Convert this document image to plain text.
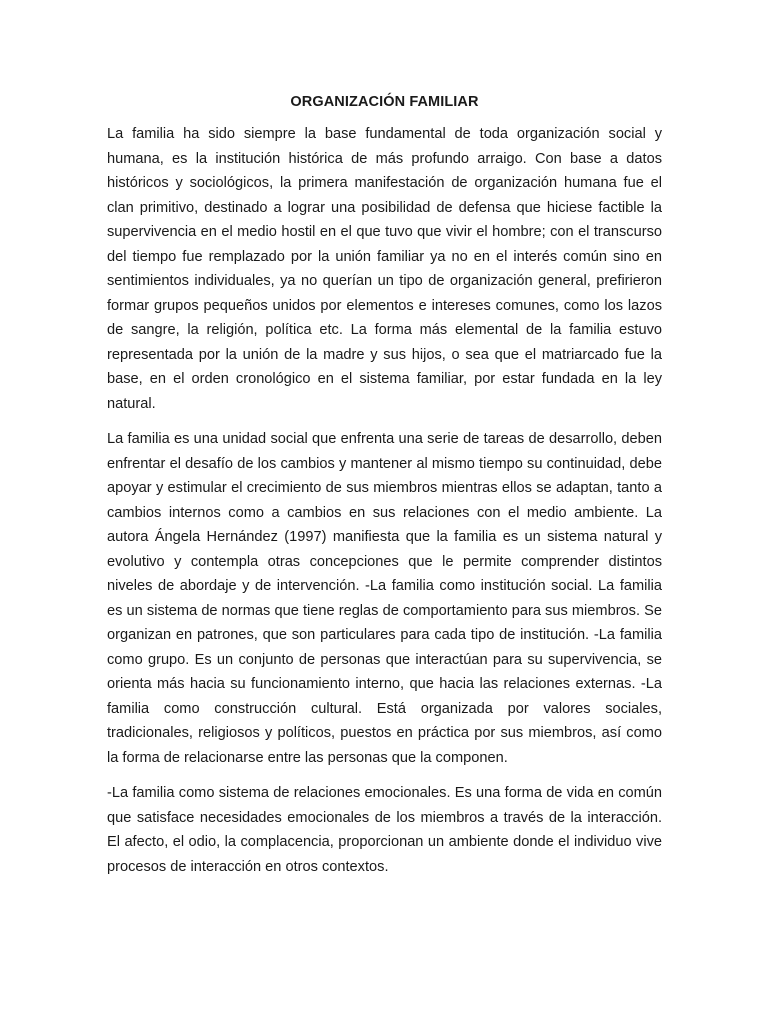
ORGANIZACIÓN FAMILIAR

La familia ha sido siempre la base fundamental de toda organización social y humana, es la institución histórica de más profundo arraigo. Con base a datos históricos y sociológicos, la primera manifestación de organización humana fue el clan primitivo, destinado a lograr una posibilidad de defensa que hiciese factible la supervivencia en el medio hostil en el que tuvo que vivir el hombre; con el transcurso del tiempo fue remplazado por la unión familiar ya no en el interés común sino en sentimientos individuales, ya no querían un tipo de organización general, prefirieron formar grupos pequeños unidos por elementos e intereses comunes, como los lazos de sangre, la religión, política etc. La forma más elemental de la familia estuvo representada por la unión de la madre y sus hijos, o sea que el matriarcado fue la base, en el orden cronológico en el sistema familiar, por estar fundada en la ley natural.

La familia es una unidad social que enfrenta una serie de tareas de desarrollo, deben enfrentar el desafío de los cambios y mantener al mismo tiempo su continuidad, debe apoyar y estimular el crecimiento de sus miembros mientras ellos se adaptan, tanto a cambios internos como a cambios en sus relaciones con el medio ambiente. La autora Ángela Hernández (1997) manifiesta que la familia es un sistema natural y evolutivo y contempla otras concepciones que le permite comprender distintos niveles de abordaje y de intervención. -La familia como institución social. La familia es un sistema de normas que tiene reglas de comportamiento para sus miembros. Se organizan en patrones, que son particulares para cada tipo de institución. -La familia como grupo. Es un conjunto de personas que interactúan para su supervivencia, se orienta más hacia su funcionamiento interno, que hacia las relaciones externas. -La familia como construcción cultural. Está organizada por valores sociales, tradicionales, religiosos y políticos, puestos en práctica por sus miembros, así como la forma de relacionarse entre las personas que la componen.

-La familia como sistema de relaciones emocionales. Es una forma de vida en común que satisface necesidades emocionales de los miembros a través de la interacción. El afecto, el odio, la complacencia, proporcionan un ambiente donde el individuo vive procesos de interacción en otros contextos.
